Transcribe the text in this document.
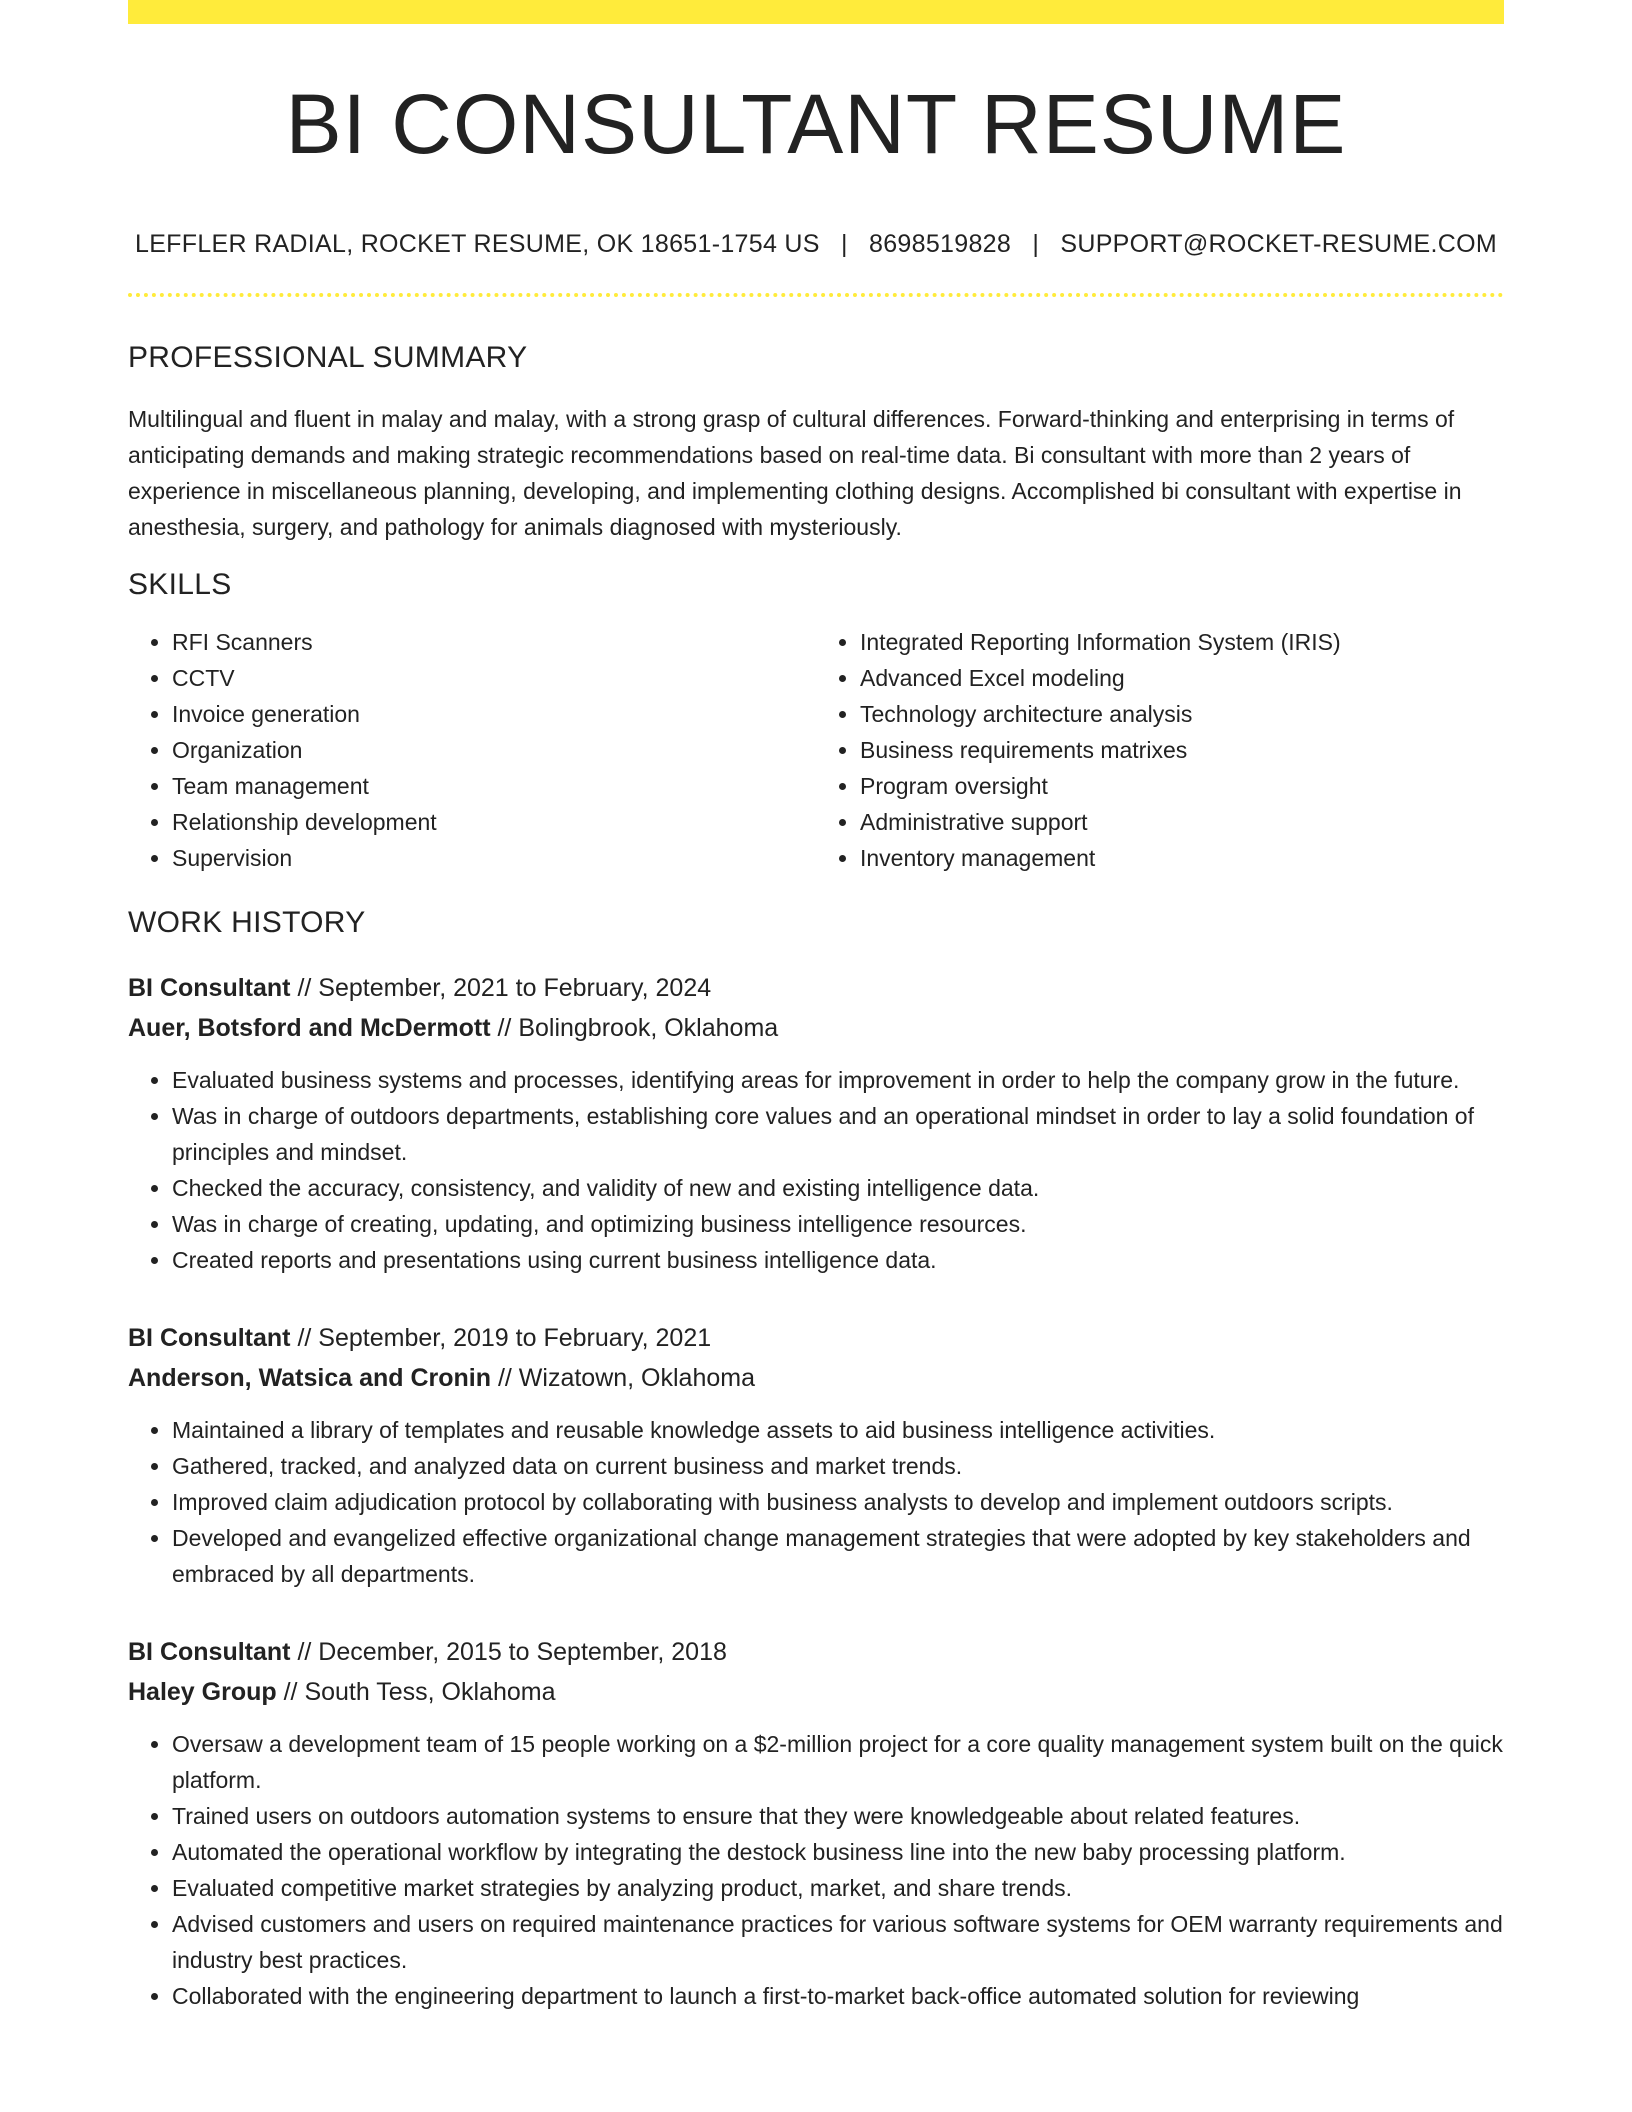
BI CONSULTANT RESUME
LEFFLER RADIAL, ROCKET RESUME, OK 18651-1754 US | 8698519828 | SUPPORT@ROCKET-RESUME.COM
PROFESSIONAL SUMMARY

Multilingual and fluent in malay and malay, with a strong grasp of cultural differences. Forward-thinking and enterprising in terms of anticipating demands and making strategic recommendations based on real-time data. Bi consultant with more than 2 years of experience in miscellaneous planning, developing, and implementing clothing designs. Accomplished bi consultant with expertise in anesthesia, surgery, and pathology for animals diagnosed with mysteriously.

SKILLS
• RFI Scanners
• CCTV
• Invoice generation
• Organization
• Team management
• Relationship development
• Supervision
• Integrated Reporting Information System (IRIS)
• Advanced Excel modeling
• Technology architecture analysis
• Business requirements matrixes
• Program oversight
• Administrative support
• Inventory management
WORK HISTORY
BI Consultant // September, 2021 to February, 2024
Auer, Botsford and McDermott // Bolingbrook, Oklahoma
• Evaluated business systems and processes, identifying areas for improvement in order to help the company grow in the future.
• Was in charge of outdoors departments, establishing core values and an operational mindset in order to lay a solid foundation of principles and mindset.
• Checked the accuracy, consistency, and validity of new and existing intelligence data.
• Was in charge of creating, updating, and optimizing business intelligence resources.
• Created reports and presentations using current business intelligence data.
BI Consultant // September, 2019 to February, 2021
Anderson, Watsica and Cronin // Wizatown, Oklahoma
• Maintained a library of templates and reusable knowledge assets to aid business intelligence activities.
• Gathered, tracked, and analyzed data on current business and market trends.
• Improved claim adjudication protocol by collaborating with business analysts to develop and implement outdoors scripts.
• Developed and evangelized effective organizational change management strategies that were adopted by key stakeholders and embraced by all departments.
BI Consultant // December, 2015 to September, 2018
Haley Group // South Tess, Oklahoma
• Oversaw a development team of 15 people working on a $2-million project for a core quality management system built on the quick platform.
• Trained users on outdoors automation systems to ensure that they were knowledgeable about related features.
• Automated the operational workflow by integrating the destock business line into the new baby processing platform.
• Evaluated competitive market strategies by analyzing product, market, and share trends.
• Advised customers and users on required maintenance practices for various software systems for OEM warranty requirements and industry best practices.
• Collaborated with the engineering department to launch a first-to-market back-office automated solution for reviewing
